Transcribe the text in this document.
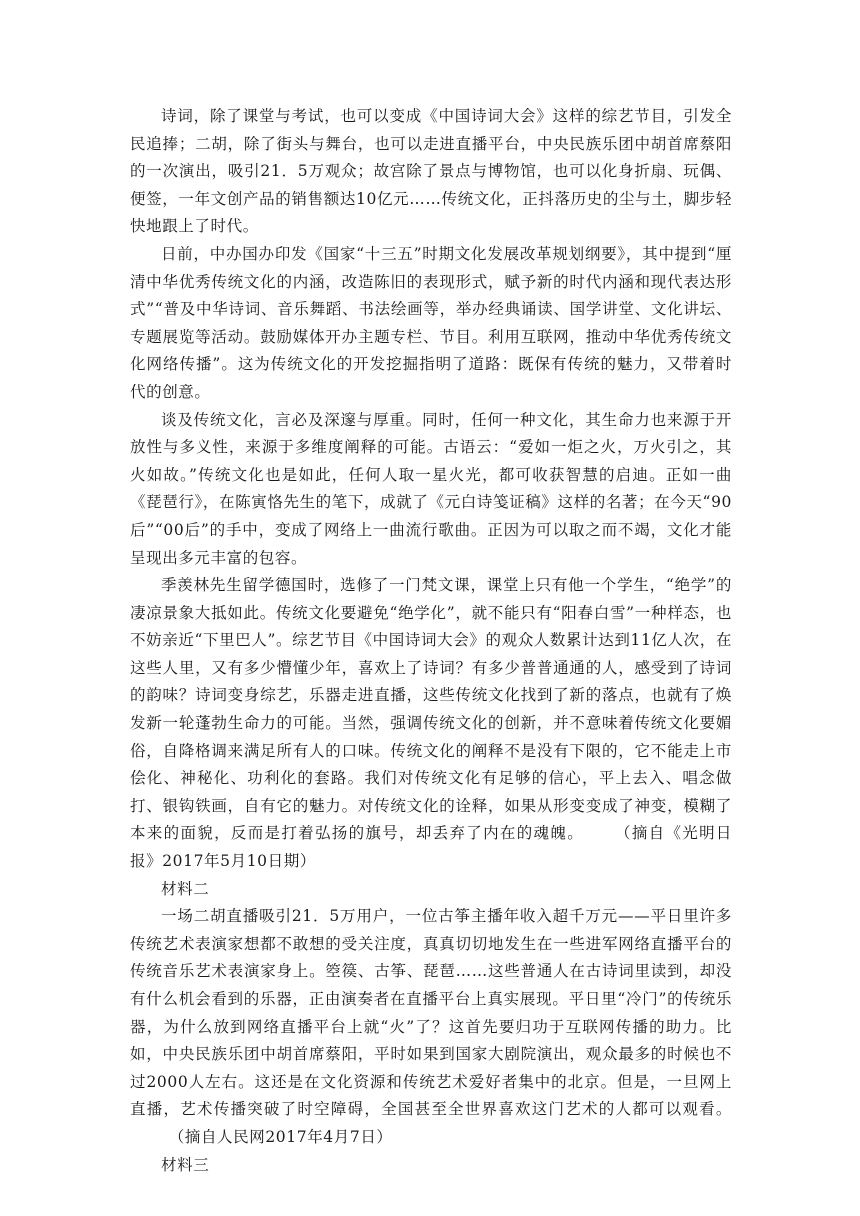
诗词，除了课堂与考试，也可以变成《中国诗词大会》这样的综艺节目，引发全民追捧；二胡，除了街头与舞台，也可以走进直播平台，中央民族乐团中胡首席蔡阳的一次演出，吸引21．5万观众；故宫除了景点与博物馆，也可以化身折扇、玩偶、便签，一年文创产品的销售额达10亿元……传统文化，正抖落历史的尘与土，脚步轻快地跟上了时代。

日前，中办国办印发《国家“十三五”时期文化发展改革规划纲要》，其中提到“厘清中华优秀传统文化的内涵，改造陈旧的表现形式，赋予新的时代内涵和现代表达形式”“普及中华诗词、音乐舞蹈、书法绘画等，举办经典诵读、国学讲堂、文化讲坛、专题展览等活动。鼓励媒体开办主题专栏、节目。利用互联网，推动中华优秀传统文化网络传播”。这为传统文化的开发挖掘指明了道路：既保有传统的魅力，又带着时代的创意。

谈及传统文化，言必及深邃与厚重。同时，任何一种文化，其生命力也来源于开放性与多义性，来源于多维度阐释的可能。古语云：“爱如一炬之火，万火引之，其火如故。”传统文化也是如此，任何人取一星火光，都可收获智慧的启迪。正如一曲《琵琶行》，在陈寅恪先生的笔下，成就了《元白诗笺证稿》这样的名著；在今天“90后”“00后”的手中，变成了网络上一曲流行歌曲。正因为可以取之而不竭，文化才能呈现出多元丰富的包容。

季羡林先生留学德国时，选修了一门梵文课，课堂上只有他一个学生，“绝学”的凄凉景象大抵如此。传统文化要避免“绝学化”，就不能只有“阳春白雪”一种样态，也不妨亲近“下里巴人”。综艺节目《中国诗词大会》的观众人数累计达到11亿人次，在这些人里，又有多少懵懂少年，喜欢上了诗词？有多少普普通通的人，感受到了诗词的韵味？诗词变身综艺，乐器走进直播，这些传统文化找到了新的落点，也就有了焕发新一轮蓬勃生命力的可能。当然，强调传统文化的创新，并不意味着传统文化要媚俗，自降格调来满足所有人的口味。传统文化的阐释不是没有下限的，它不能走上市侩化、神秘化、功利化的套路。我们对传统文化有足够的信心，平上去入、唱念做打、银钩铁画，自有它的魅力。对传统文化的诠释，如果从形变变成了神变，模糊了本来的面貌，反而是打着弘扬的旗号，却丢弃了内在的魂魄。	（摘自《光明日报》2017年5月10日期）

材料二

一场二胡直播吸引21．5万用户，一位古筝主播年收入超千万元——平日里许多传统艺术表演家想都不敢想的受关注度，真真切切地发生在一些进军网络直播平台的传统音乐艺术表演家身上。箜篌、古筝、琵琶……这些普通人在古诗词里读到，却没有什么机会看到的乐器，正由演奏者在直播平台上真实展现。平日里“冷门”的传统乐器，为什么放到网络直播平台上就“火”了？这首先要归功于互联网传播的助力。比如，中央民族乐团中胡首席蔡阳，平时如果到国家大剧院演出，观众最多的时候也不过2000人左右。这还是在文化资源和传统艺术爱好者集中的北京。但是，一旦网上直播，艺术传播突破了时空障碍，全国甚至全世界喜欢这门艺术的人都可以观看。（摘自人民网2017年4月7日）

材料三
